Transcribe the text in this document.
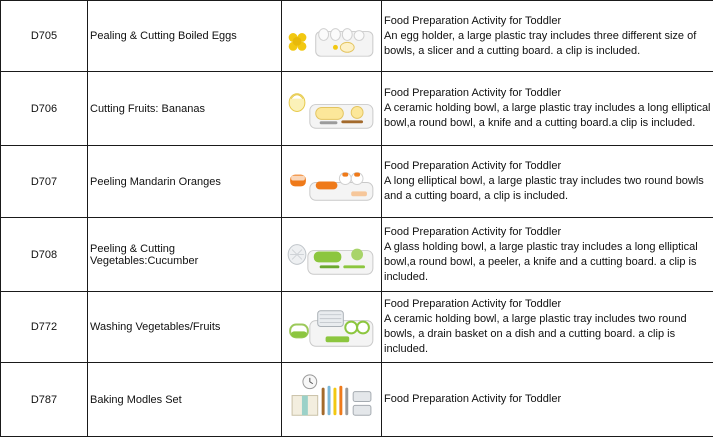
D705	Pealing & Cutting Boiled Eggs		Food Preparation Activity for Toddler
An egg holder, a large plastic tray includes three different size of bowls, a slicer and a cutting board. a clip is included.

D706	Cutting Fruits: Bananas		Food Preparation Activity for Toddler
A ceramic holding bowl, a large plastic tray includes a long elliptical bowl,a round bowl, a knife and a cutting board.a clip is included.

D707	Peeling Mandarin Oranges		Food Preparation Activity for Toddler
A long elliptical bowl, a large plastic tray includes two round bowls and a cutting board, a clip is included.

D708	Peeling & Cutting Vegetables:Cucumber		Food Preparation Activity for Toddler
A glass holding bowl, a large plastic tray includes a long elliptical bowl,a round bowl, a peeler, a knife and a cutting board. a clip is included.

D772	Washing Vegetables/Fruits		Food Preparation Activity for Toddler
A ceramic holding bowl, a large plastic tray includes two round bowls, a drain basket on a dish and a cutting board. a clip is included.

D787	Baking Modles Set		Food Preparation Activity for Toddler
